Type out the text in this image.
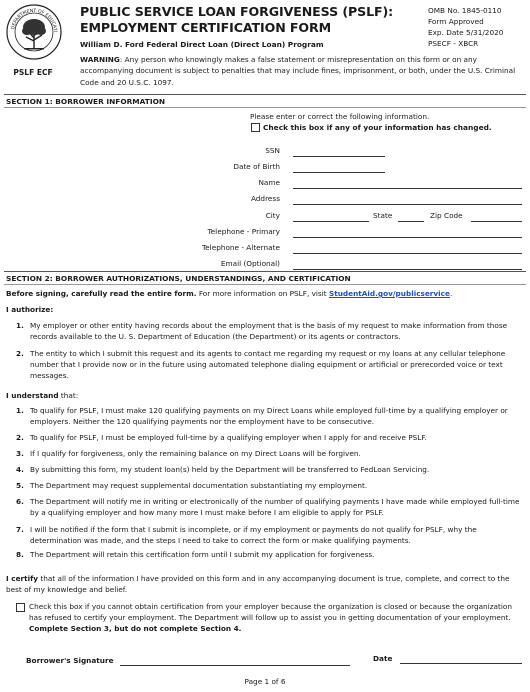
DEPARTMENT OF EDUCATI
PSLF ECF
PUBLIC SERVICE LOAN FORGIVENESS (PSLF):
EMPLOYMENT CERTIFICATION FORM
William D. Ford Federal Direct Loan (Direct Loan) Program
OMB No. 1845-0110
Form Approved
Exp. Date 5/31/2020
PSECF - XBCR
WARNING: Any person who knowingly makes a false statement or misrepresentation on this form or on any accompanying document is subject to penalties that may include fines, imprisonment, or both, under the U.S. Criminal Code and 20 U.S.C. 1097.
SECTION 1: BORROWER INFORMATION
Please enter or correct the following information.
Check this box if any of your information has changed.
SSN
Date of Birth
Name
Address
City	State	Zip Code
Telephone - Primary
Telephone - Alternate
Email (Optional)
SECTION 2: BORROWER AUTHORIZATIONS, UNDERSTANDINGS, AND CERTIFICATION
Before signing, carefully read the entire form. For more information on PSLF, visit StudentAid.gov/publicservice.
I authorize:
1. My employer or other entity having records about the employment that is the basis of my request to make information from those records available to the U. S. Department of Education (the Department) or its agents or contractors.
2. The entity to which I submit this request and its agents to contact me regarding my request or my loans at any cellular telephone number that I provide now or in the future using automated telephone dialing equipment or artificial or prerecorded voice or text messages.
I understand that:
1. To qualify for PSLF, I must make 120 qualifying payments on my Direct Loans while employed full-time by a qualifying employer or employers. Neither the 120 qualifying payments nor the employment have to be consecutive.
2. To qualify for PSLF, I must be employed full-time by a qualifying employer when I apply for and receive PSLF.
3. If I qualify for forgiveness, only the remaining balance on my Direct Loans will be forgiven.
4. By submitting this form, my student loan(s) held by the Department will be transferred to FedLoan Servicing.
5. The Department may request supplemental documentation substantiating my employment.
6. The Department will notify me in writing or electronically of the number of qualifying payments I have made while employed full-time by a qualifying employer and how many more I must make before I am eligible to apply for PSLF.
7. I will be notified if the form that I submit is incomplete, or if my employment or payments do not qualify for PSLF, why the determination was made, and the steps I need to take to correct the form or make qualifying payments.
8. The Department will retain this certification form until I submit my application for forgiveness.
I certify that all of the information I have provided on this form and in any accompanying document is true, complete, and correct to the best of my knowledge and belief.
Check this box if you cannot obtain certification from your employer because the organization is closed or because the organization has refused to certify your employment. The Department will follow up to assist you in getting documentation of your employment. Complete Section 3, but do not complete Section 4.
Borrower's Signature	Date
Page 1 of 6
